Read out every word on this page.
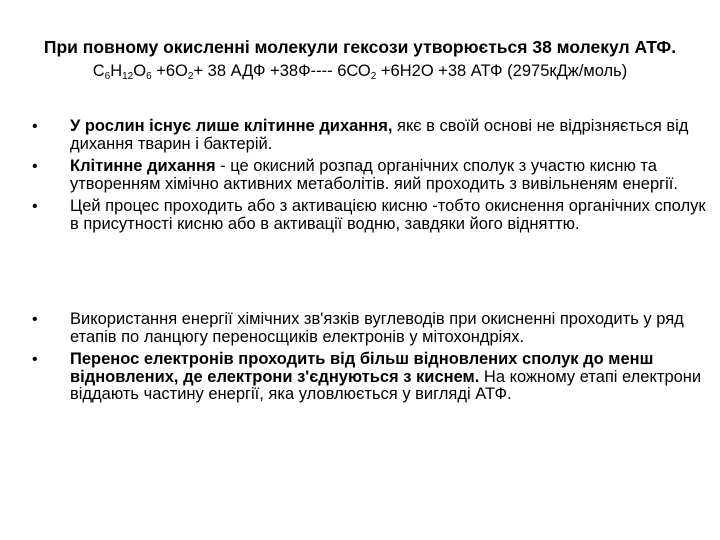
При повному окисленні молекули гексози утворюється 38 молекул АТФ.
$С_6Н_{12}О_6 +6О_2+ 38$ АДФ +38Ф---- $6СО_2 +6Н2О +38$ АТФ (2975кДж/моль)
• У рослин існує лише клітинне дихання, якє в своїй основі не відрізняється від дихання тварин і бактерій.
• Клітинне дихання - це окисний розпад органічних сполук з участю кисню та утворенням хімічно активних метаболітів. яий проходить з вивільненям енергії.
• Цей процес проходить або з активацією кисню -тобто окиснення органічних сполук в присутності кисню або в активації водню, завдяки його відняттю.
• Використання енергії хімічних зв'язків вуглеводів при окисненні проходить у ряд етапів по ланцюгу переносщиків електронів у мітохондріях.
• Перенос електронів проходить від більш відновлених сполук до менш відновлених, де електрони з'єднуються з киснем. На кожному етапі електрони віддають частину енергії, яка уловлюється у вигляді АТФ.
